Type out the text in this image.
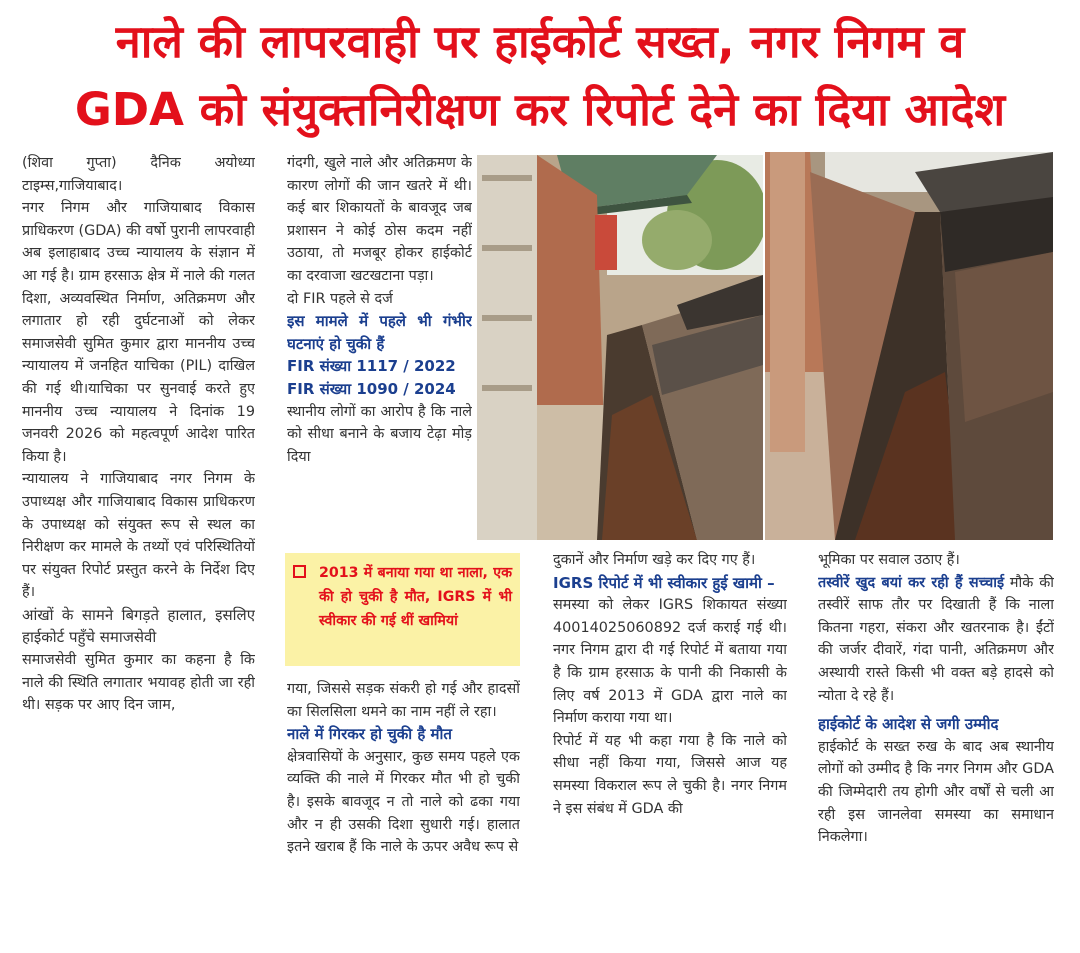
नाले की लापरवाही पर हाईकोर्ट सख्त, नगर निगम व
GDA को संयुक्तनिरीक्षण कर रिपोर्ट देने का दिया आदेश

(शिवा गुप्ता) दैनिक अयोध्या टाइम्स,गाजियाबाद।

नगर निगम और गाजियाबाद विकास प्राधिकरण (GDA) की वर्षो पुरानी लापरवाही अब इलाहाबाद उच्च न्यायालय के संज्ञान में आ गई है। ग्राम हरसाऊ क्षेत्र में नाले की गलत दिशा, अव्यवस्थित निर्माण, अतिक्रमण और लगातार हो रही दुर्घटनाओं को लेकर समाजसेवी सुमित कुमार द्वारा माननीय उच्च न्यायालय में जनहित याचिका (PIL) दाखिल की गई थी।याचिका पर सुनवाई करते हुए माननीय उच्च न्यायालय ने दिनांक 19 जनवरी 2026 को महत्वपूर्ण आदेश पारित किया है।

न्यायालय ने गाजियाबाद नगर निगम के उपाध्यक्ष और गाजियाबाद विकास प्राधिकरण के उपाध्यक्ष को संयुक्त रूप से स्थल का निरीक्षण कर मामले के तथ्यों एवं परिस्थितियों पर संयुक्त रिपोर्ट प्रस्तुत करने के निर्देश दिए हैं।

आंखों के सामने बिगड़ते हालात, इसलिए हाईकोर्ट पहुँचे समाजसेवी

समाजसेवी सुमित कुमार का कहना है कि नाले की स्थिति लगातार भयावह होती जा रही थी। सड़क पर आए दिन जाम,

गंदगी, खुले नाले और अतिक्रमण के कारण लोगों की जान खतरे में थी। कई बार शिकायतों के बावजूद जब प्रशासन ने कोई ठोस कदम नहीं उठाया, तो मजबूर होकर हाईकोर्ट का दरवाजा खटखटाना पड़ा।

दो FIR पहले से दर्ज

इस मामले में पहले भी गंभीर घटनाएं हो चुकी हैं

FIR संख्या 1117 / 2022

FIR संख्या 1090 / 2024

स्थानीय लोगों का आरोप है कि नाले को सीधा बनाने के बजाय टेढ़ा मोड़ दिया

2013 में बनाया गया था नाला, एक की हो चुकी है मौत, IGRS में भी स्वीकार की गई थीं खामियां

गया, जिससे सड़क संकरी हो गई और हादसों का सिलसिला थमने का नाम नहीं ले रहा।

नाले में गिरकर हो चुकी है मौत

क्षेत्रवासियों के अनुसार, कुछ समय पहले एक व्यक्ति की नाले में गिरकर मौत भी हो चुकी है। इसके बावजूद न तो नाले को ढका गया और न ही उसकी दिशा सुधारी गई। हालात इतने खराब हैं कि नाले के ऊपर अवैध रूप से

दुकानें और निर्माण खड़े कर दिए गए हैं।

IGRS रिपोर्ट में भी स्वीकार हुई खामी –

समस्या को लेकर IGRS शिकायत संख्या 40014025060892 दर्ज कराई गई थी। नगर निगम द्वारा दी गई रिपोर्ट में बताया गया है कि ग्राम हरसाऊ के पानी की निकासी के लिए वर्ष 2013 में GDA द्वारा नाले का निर्माण कराया गया था।

रिपोर्ट में यह भी कहा गया है कि नाले को सीधा नहीं किया गया, जिससे आज यह समस्या विकराल रूप ले चुकी है। नगर निगम ने इस संबंध में GDA की

भूमिका पर सवाल उठाए हैं।

तस्वीरें खुद बयां कर रही हैं सच्चाई मौके की तस्वीरें साफ तौर पर दिखाती हैं कि नाला कितना गहरा, संकरा और खतरनाक है। ईंटों की जर्जर दीवारें, गंदा पानी, अतिक्रमण और अस्थायी रास्ते किसी भी वक्त बड़े हादसे को न्योता दे रहे हैं।

हाईकोर्ट के आदेश से जगी उम्मीद

हाईकोर्ट के सख्त रुख के बाद अब स्थानीय लोगों को उम्मीद है कि नगर निगम और GDA की जिम्मेदारी तय होगी और वर्षों से चली आ रही इस जानलेवा समस्या का समाधान निकलेगा।
